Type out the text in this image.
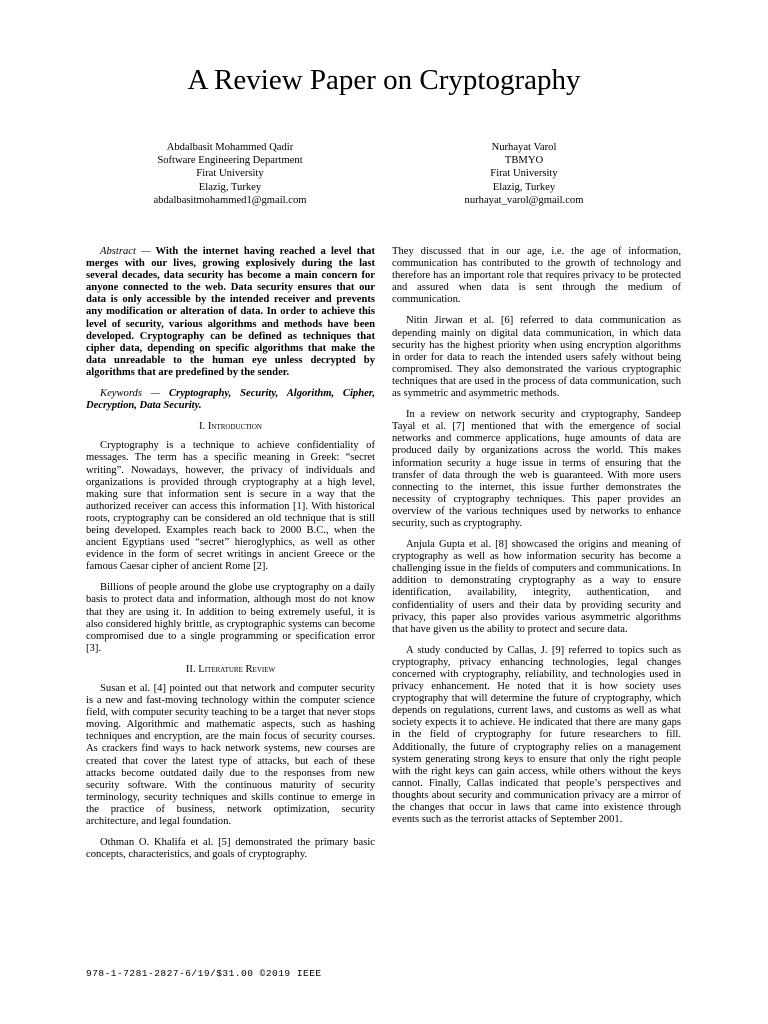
A Review Paper on Cryptography
Abdalbasit Mohammed Qadir
Software Engineering Department
Firat University
Elazig, Turkey
abdalbasitmohammed1@gmail.com
Nurhayat Varol
TBMYO
Firat University
Elazig, Turkey
nurhayat_varol@gmail.com

Abstract — With the internet having reached a level that merges with our lives, growing explosively during the last several decades, data security has become a main concern for anyone connected to the web. Data security ensures that our data is only accessible by the intended receiver and prevents any modification or alteration of data. In order to achieve this level of security, various algorithms and methods have been developed. Cryptography can be defined as techniques that cipher data, depending on specific algorithms that make the data unreadable to the human eye unless decrypted by algorithms that are predefined by the sender.

Keywords — Cryptography, Security, Algorithm, Cipher, Decryption, Data Security.

I. Introduction

Cryptography is a technique to achieve confidentiality of messages. The term has a specific meaning in Greek: “secret writing”. Nowadays, however, the privacy of individuals and organizations is provided through cryptography at a high level, making sure that information sent is secure in a way that the authorized receiver can access this information [1]. With historical roots, cryptography can be considered an old technique that is still being developed. Examples reach back to 2000 B.C., when the ancient Egyptians used “secret” hieroglyphics, as well as other evidence in the form of secret writings in ancient Greece or the famous Caesar cipher of ancient Rome [2].

Billions of people around the globe use cryptography on a daily basis to protect data and information, although most do not know that they are using it. In addition to being extremely useful, it is also considered highly brittle, as cryptographic systems can become compromised due to a single programming or specification error [3].

II. Literature Review

Susan et al. [4] pointed out that network and computer security is a new and fast-moving technology within the computer science field, with computer security teaching to be a target that never stops moving. Algorithmic and mathematic aspects, such as hashing techniques and encryption, are the main focus of security courses. As crackers find ways to hack network systems, new courses are created that cover the latest type of attacks, but each of these attacks become outdated daily due to the responses from new security software. With the continuous maturity of security terminology, security techniques and skills continue to emerge in the practice of business, network optimization, security architecture, and legal foundation.

Othman O. Khalifa et al. [5] demonstrated the primary basic concepts, characteristics, and goals of cryptography.

They discussed that in our age, i.e. the age of information, communication has contributed to the growth of technology and therefore has an important role that requires privacy to be protected and assured when data is sent through the medium of communication.

Nitin Jirwan et al. [6] referred to data communication as depending mainly on digital data communication, in which data security has the highest priority when using encryption algorithms in order for data to reach the intended users safely without being compromised. They also demonstrated the various cryptographic techniques that are used in the process of data communication, such as symmetric and asymmetric methods.

In a review on network security and cryptography, Sandeep Tayal et al. [7] mentioned that with the emergence of social networks and commerce applications, huge amounts of data are produced daily by organizations across the world. This makes information security a huge issue in terms of ensuring that the transfer of data through the web is guaranteed. With more users connecting to the internet, this issue further demonstrates the necessity of cryptography techniques. This paper provides an overview of the various techniques used by networks to enhance security, such as cryptography.

Anjula Gupta et al. [8] showcased the origins and meaning of cryptography as well as how information security has become a challenging issue in the fields of computers and communications. In addition to demonstrating cryptography as a way to ensure identification, availability, integrity, authentication, and confidentiality of users and their data by providing security and privacy, this paper also provides various asymmetric algorithms that have given us the ability to protect and secure data.

A study conducted by Callas, J. [9] referred to topics such as cryptography, privacy enhancing technologies, legal changes concerned with cryptography, reliability, and technologies used in privacy enhancement. He noted that it is how society uses cryptography that will determine the future of cryptography, which depends on regulations, current laws, and customs as well as what society expects it to achieve. He indicated that there are many gaps in the field of cryptography for future researchers to fill. Additionally, the future of cryptography relies on a management system generating strong keys to ensure that only the right people with the right keys can gain access, while others without the keys cannot. Finally, Callas indicated that people’s perspectives and thoughts about security and communication privacy are a mirror of the changes that occur in laws that came into existence through events such as the terrorist attacks of September 2001.

978-1-7281-2827-6/19/$31.00 ©2019 IEEE
